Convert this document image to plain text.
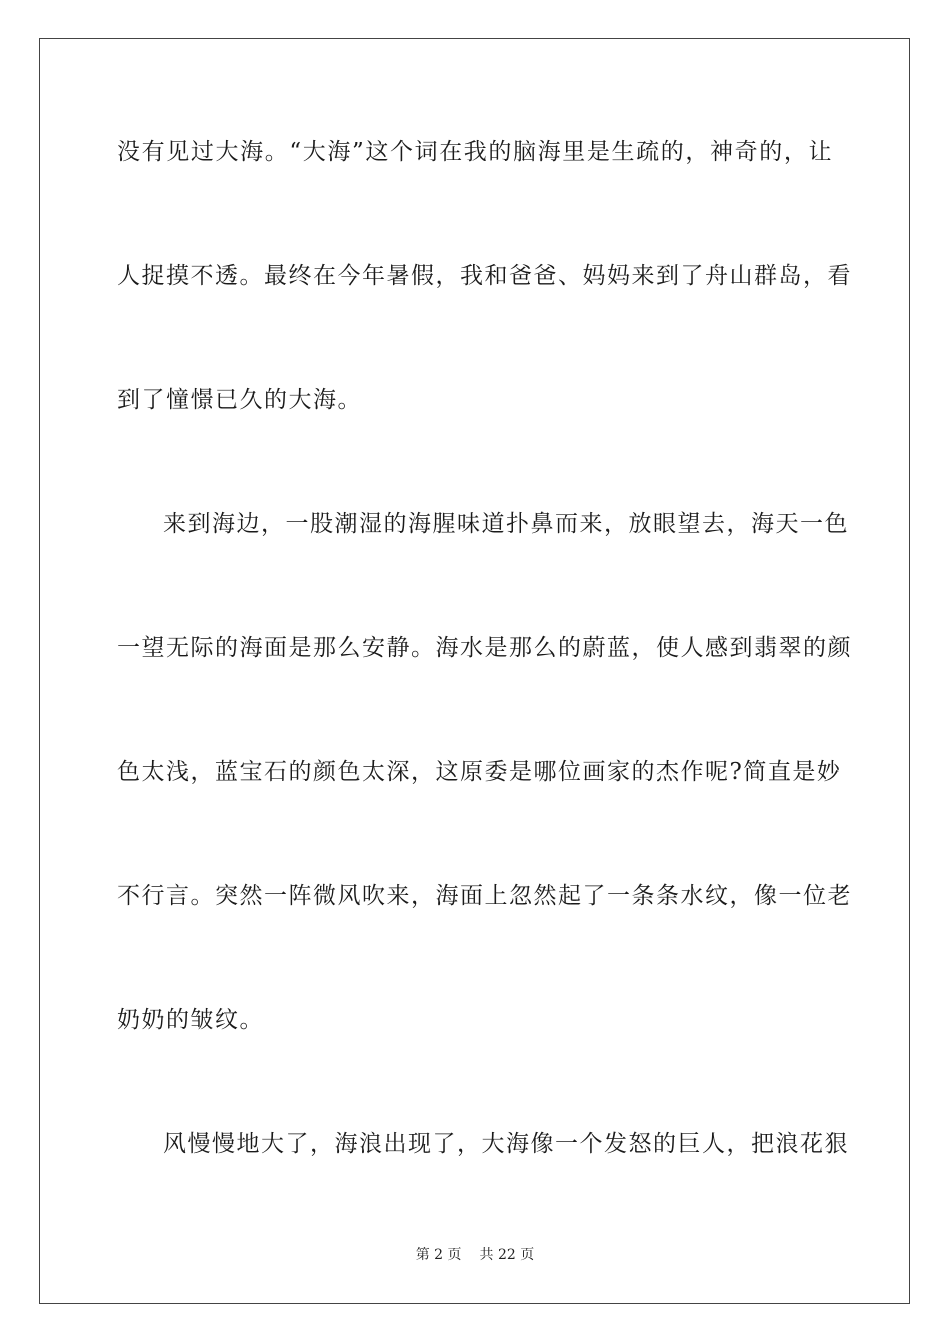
没有见过大海。“大海”这个词在我的脑海里是生疏的，神奇的，让
人捉摸不透。最终在今年暑假，我和爸爸、妈妈来到了舟山群岛，看
到了憧憬已久的大海。
来到海边，一股潮湿的海腥味道扑鼻而来，放眼望去，海天一色
一望无际的海面是那么安静。海水是那么的蔚蓝，使人感到翡翠的颜
色太浅，蓝宝石的颜色太深，这原委是哪位画家的杰作呢?简直是妙
不行言。突然一阵微风吹来，海面上忽然起了一条条水纹，像一位老
奶奶的皱纹。
风慢慢地大了，海浪出现了，大海像一个发怒的巨人，把浪花狠
第 2 页 共 22 页
